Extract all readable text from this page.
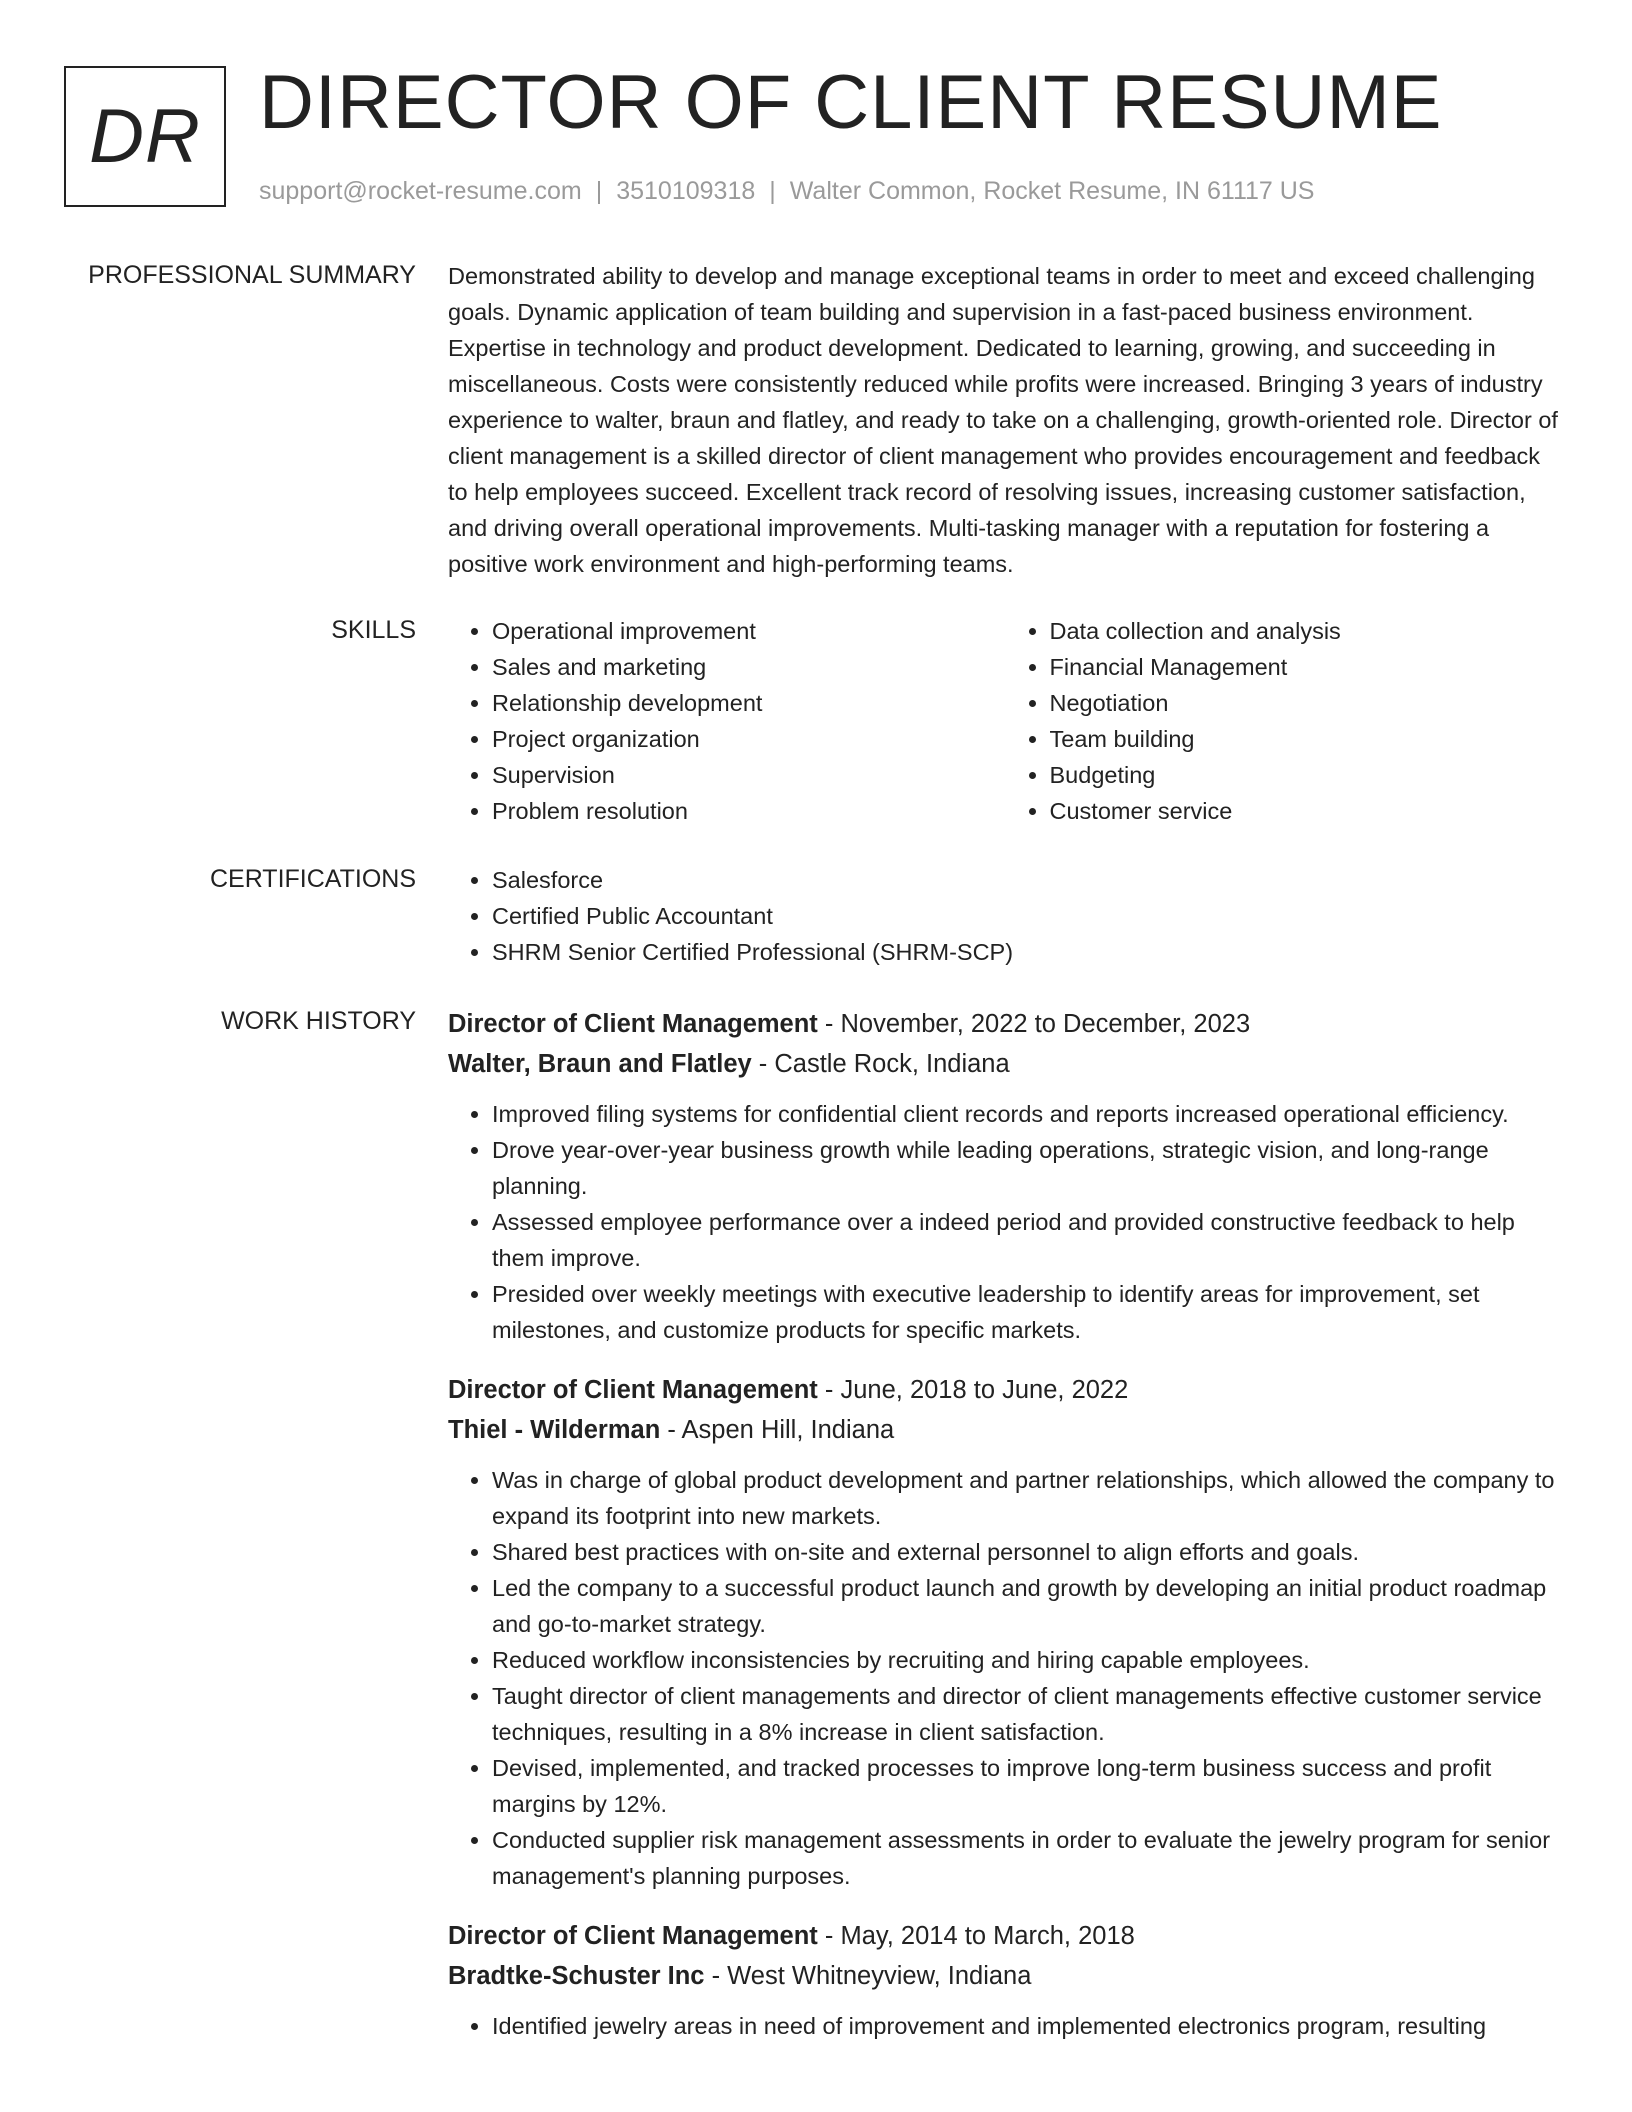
DR DIRECTOR OF CLIENT RESUME
support@rocket-resume.com | 3510109318 | Walter Common, Rocket Resume, IN 61117 US
PROFESSIONAL SUMMARY Demonstrated ability to develop and manage exceptional teams in order to meet and exceed challenging goals. Dynamic application of team building and supervision in a fast-paced business environment. Expertise in technology and product development. Dedicated to learning, growing, and succeeding in miscellaneous. Costs were consistently reduced while profits were increased. Bringing 3 years of industry experience to walter, braun and flatley, and ready to take on a challenging, growth-oriented role. Director of client management is a skilled director of client management who provides encouragement and feedback to help employees succeed. Excellent track record of resolving issues, increasing customer satisfaction, and driving overall operational improvements. Multi-tasking manager with a reputation for fostering a positive work environment and high-performing teams.

SKILLS	• Operational improvement
• Sales and marketing
• Relationship development
• Project organization
• Supervision
• Problem resolution
• Data collection and analysis
• Financial Management
• Negotiation
• Team building
• Budgeting
• Customer service
CERTIFICATIONS	• Salesforce
• Certified Public Accountant
• SHRM Senior Certified Professional (SHRM-SCP)
WORK HISTORY Director of Client Management - November, 2022 to December, 2023
Walter, Braun and Flatley - Castle Rock, Indiana
• Improved filing systems for confidential client records and reports increased operational efficiency.
• Drove year-over-year business growth while leading operations, strategic vision, and long-range planning.
• Assessed employee performance over a indeed period and provided constructive feedback to help them improve.
• Presided over weekly meetings with executive leadership to identify areas for improvement, set milestones, and customize products for specific markets.
Director of Client Management - June, 2018 to June, 2022
Thiel - Wilderman - Aspen Hill, Indiana
• Was in charge of global product development and partner relationships, which allowed the company to expand its footprint into new markets.
• Shared best practices with on-site and external personnel to align efforts and goals.
• Led the company to a successful product launch and growth by developing an initial product roadmap and go-to-market strategy.
• Reduced workflow inconsistencies by recruiting and hiring capable employees.
• Taught director of client managements and director of client managements effective customer service techniques, resulting in a 8% increase in client satisfaction.
• Devised, implemented, and tracked processes to improve long-term business success and profit margins by 12%.
• Conducted supplier risk management assessments in order to evaluate the jewelry program for senior management's planning purposes.
Director of Client Management - May, 2014 to March, 2018
Bradtke-Schuster Inc - West Whitneyview, Indiana
• Identified jewelry areas in need of improvement and implemented electronics program, resulting
